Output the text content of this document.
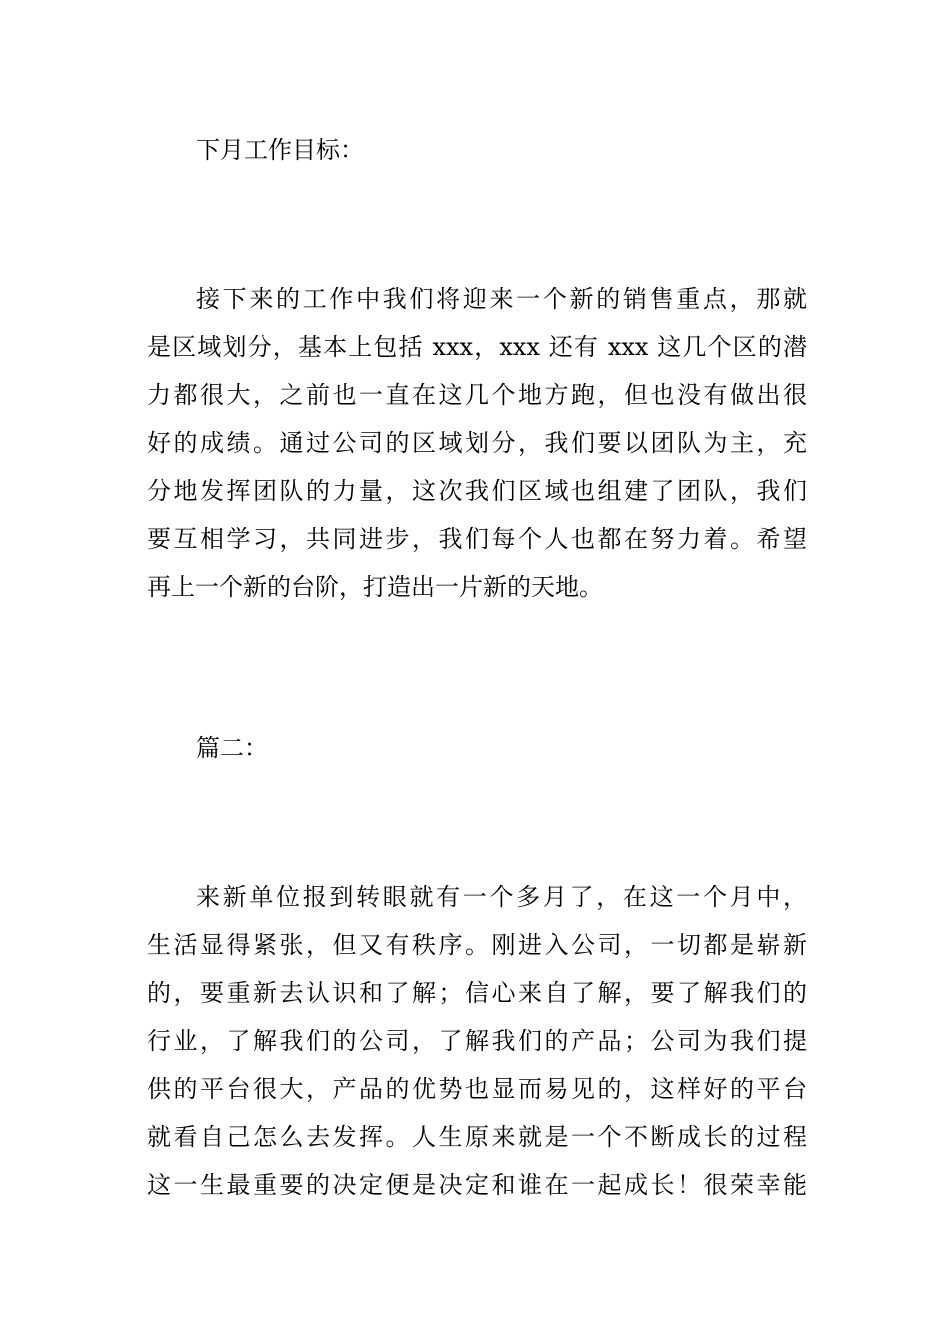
下月工作目标：
接下来的工作中我们将迎来一个新的销售重点，那就
是区域划分，基本上包括 xxx，xxx 还有 xxx 这几个区的潜
力都很大，之前也一直在这几个地方跑，但也没有做出很
好的成绩。通过公司的区域划分，我们要以团队为主，充
分地发挥团队的力量，这次我们区域也组建了团队，我们
要互相学习，共同进步，我们每个人也都在努力着。希望
再上一个新的台阶，打造出一片新的天地。
篇二：
来新单位报到转眼就有一个多月了，在这一个月中，
生活显得紧张，但又有秩序。刚进入公司，一切都是崭新
的，要重新去认识和了解；信心来自了解，要了解我们的
行业，了解我们的公司，了解我们的产品；公司为我们提
供的平台很大，产品的优势也显而易见的，这样好的平台
就看自己怎么去发挥。人生原来就是一个不断成长的过程
这一生最重要的决定便是决定和谁在一起成长！很荣幸能
